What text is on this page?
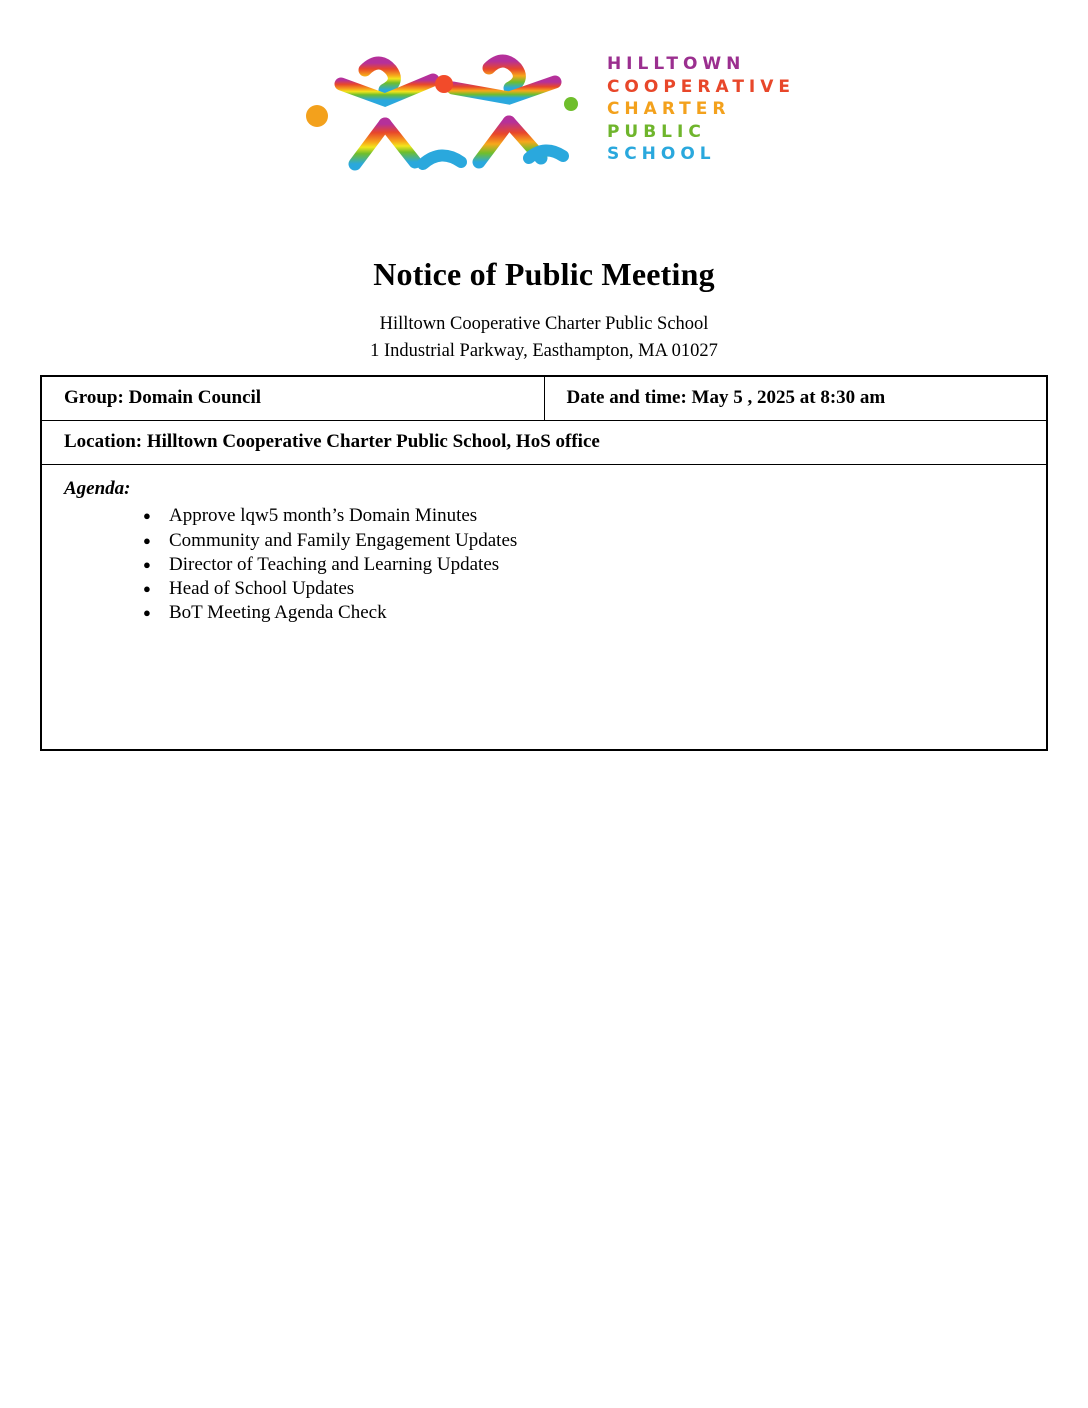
HILLTOWN
COOPERATIVE
CHARTER
PUBLIC
SCHOOL
Notice of Public Meeting
Hilltown Cooperative Charter Public School
1 Industrial Parkway, Easthampton, MA 01027
Group: Domain Council	Date and time: May 5 , 2025 at 8:30 am
Location: Hilltown Cooperative Charter Public School, HoS office

Agenda:

● Approve lqw5 month’s Domain Minutes
● Community and Family Engagement Updates
● Director of Teaching and Learning Updates
● Head of School Updates
● BoT Meeting Agenda Check
